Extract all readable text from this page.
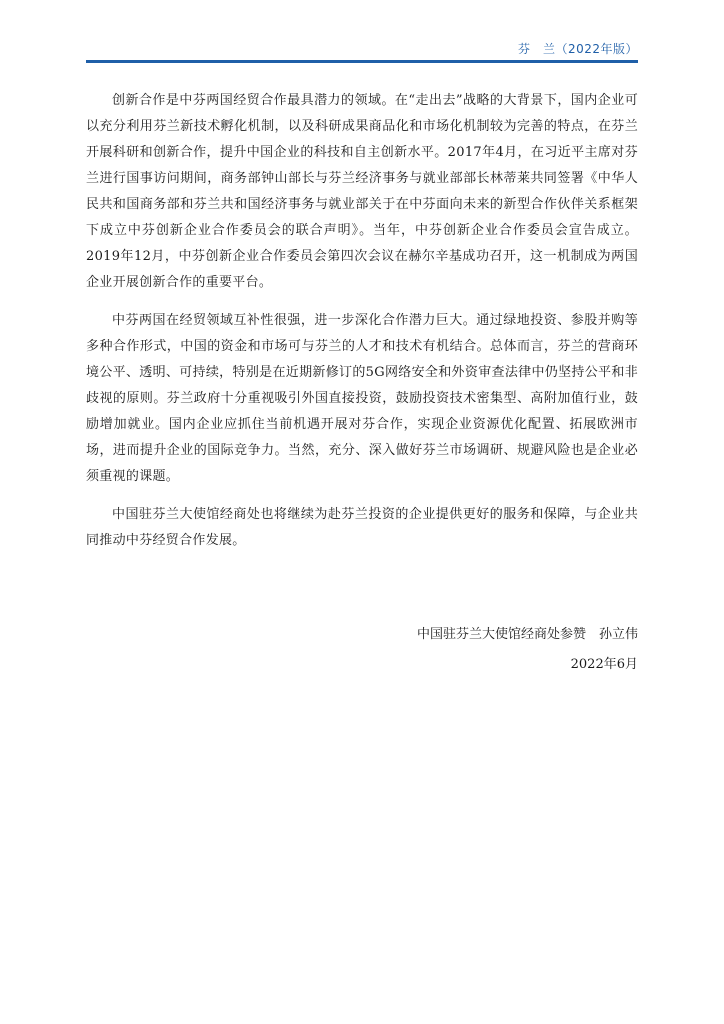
芬　兰（2022年版）

创新合作是中芬两国经贸合作最具潜力的领域。在“走出去”战略的大背景下，国内企业可以充分利用芬兰新技术孵化机制，以及科研成果商品化和市场化机制较为完善的特点，在芬兰开展科研和创新合作，提升中国企业的科技和自主创新水平。2017年4月，在习近平主席对芬兰进行国事访问期间，商务部钟山部长与芬兰经济事务与就业部部长林蒂莱共同签署《中华人民共和国商务部和芬兰共和国经济事务与就业部关于在中芬面向未来的新型合作伙伴关系框架下成立中芬创新企业合作委员会的联合声明》。当年，中芬创新企业合作委员会宣告成立。2019年12月，中芬创新企业合作委员会第四次会议在赫尔辛基成功召开，这一机制成为两国企业开展创新合作的重要平台。

中芬两国在经贸领域互补性很强，进一步深化合作潜力巨大。通过绿地投资、参股并购等多种合作形式，中国的资金和市场可与芬兰的人才和技术有机结合。总体而言，芬兰的营商环境公平、透明、可持续，特别是在近期新修订的5G网络安全和外资审查法律中仍坚持公平和非歧视的原则。芬兰政府十分重视吸引外国直接投资，鼓励投资技术密集型、高附加值行业，鼓励增加就业。国内企业应抓住当前机遇开展对芬合作，实现企业资源优化配置、拓展欧洲市场，进而提升企业的国际竞争力。当然，充分、深入做好芬兰市场调研、规避风险也是企业必须重视的课题。

中国驻芬兰大使馆经商处也将继续为赴芬兰投资的企业提供更好的服务和保障，与企业共同推动中芬经贸合作发展。

中国驻芬兰大使馆经商处参赞　孙立伟
2022年6月
